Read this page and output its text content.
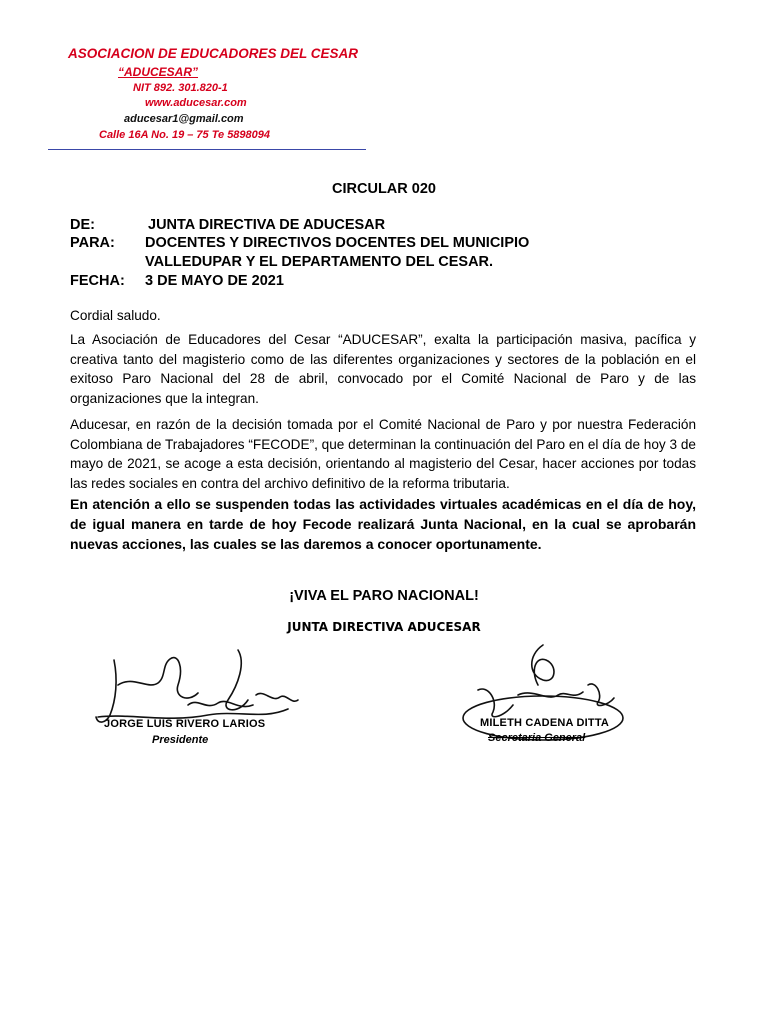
ASOCIACION DE EDUCADORES DEL CESAR
“ADUCESAR”
NIT 892. 301.820-1
www.aducesar.com
aducesar1@gmail.com
Calle 16A No. 19 – 75 Te 5898094
CIRCULAR 020
DE:	JUNTA DIRECTIVA DE ADUCESAR
PARA: DOCENTES Y DIRECTIVOS DOCENTES DEL MUNICIPIO
VALLEDUPAR Y EL DEPARTAMENTO DEL CESAR.
FECHA: 3 DE MAYO DE 2021
Cordial saludo.
La Asociación de Educadores del Cesar “ADUCESAR”, exalta la participación masiva, pacífica y creativa tanto del magisterio como de las diferentes organizaciones y sectores de la población en el exitoso Paro Nacional del 28 de abril, convocado por el Comité Nacional de Paro y de las organizaciones que la integran.
Aducesar, en razón de la decisión tomada por el Comité Nacional de Paro y por nuestra Federación Colombiana de Trabajadores “FECODE”, que determinan la continuación del Paro en el día de hoy 3 de mayo de 2021, se acoge a esta decisión, orientando al magisterio del Cesar, hacer acciones por todas las redes sociales en contra del archivo definitivo de la reforma tributaria.
En atención a ello se suspenden todas las actividades virtuales académicas en el día de hoy, de igual manera en tarde de hoy Fecode realizará Junta Nacional, en la cual se aprobarán nuevas acciones, las cuales se las daremos a conocer oportunamente.
¡VIVA EL PARO NACIONAL!
JUNTA DIRECTIVA ADUCESAR
JORGE LUIS RIVERO LARIOS
Presidente
MILETH CADENA DITTA
Secretaria General
